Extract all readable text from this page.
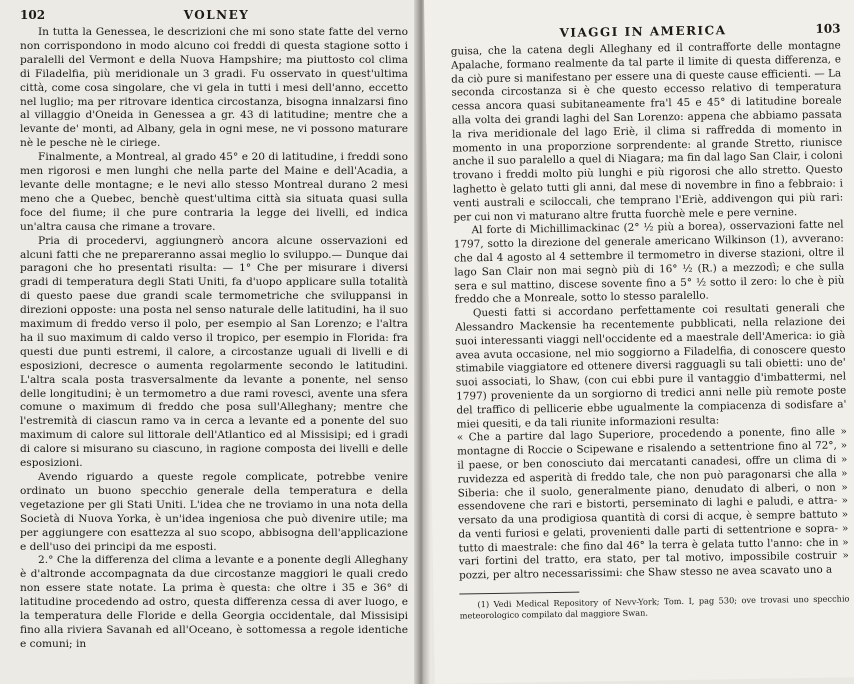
102	VOLNEY

In tutta la Genessea, le descrizioni che mi sono state fatte del verno non corrispondono in modo alcuno coi freddi di questa stagione sotto i paralelli del Vermont e della Nuova Hampshire; ma piuttosto col clima di Filadelfia, più meridionale un 3 gradi. Fu osservato in quest'ultima città, come cosa singolare, che vi gela in tutti i mesi dell'anno, eccetto nel luglio; ma per ritrovare identica circostanza, bisogna innalzarsi fino al villaggio d'Oneida in Genessea a gr. 43 di latitudine; mentre che a levante de' monti, ad Albany, gela in ogni mese, ne vi possono maturare nè le pesche nè le ciriege.

Finalmente, a Montreal, al grado 45° e 20 di latitudine, i freddi sono men rigorosi e men lunghi che nella parte del Maine e dell'Acadia, a levante delle montagne; e le nevi allo stesso Montreal durano 2 mesi meno che a Quebec, benchè quest'ultima città sia situata quasi sulla foce del fiume; il che pure contraria la legge dei livelli, ed indica un'altra causa che rimane a trovare.

Pria di procedervi, aggiungnerò ancora alcune osservazioni ed alcuni fatti che ne prepareranno assai meglio lo sviluppo.— Dunque dai paragoni che ho presentati risulta: — 1° Che per misurare i diversi gradi di temperatura degli Stati Uniti, fa d'uopo applicare sulla totalità di questo paese due grandi scale termometriche che sviluppansi in direzioni opposte: una posta nel senso naturale delle latitudini, ha il suo maximum di freddo verso il polo, per esempio al San Lorenzo; e l'altra ha il suo maximum di caldo verso il tropico, per esempio in Florida: fra questi due punti estremi, il calore, a circostanze uguali di livelli e di esposizioni, decresce o aumenta regolarmente secondo le latitudini. L'altra scala posta trasversalmente da levante a ponente, nel senso delle longitudini; è un termometro a due rami rovesci, avente una sfera comune o maximum di freddo che posa sull'Alleghany; mentre che l'estremità di ciascun ramo va in cerca a levante ed a ponente del suo maximum di calore sul littorale dell'Atlantico ed al Missisipi; ed i gradi di calore si misurano su ciascuno, in ragione composta dei livelli e delle esposizioni.

Avendo riguardo a queste regole complicate, potrebbe venire ordinato un buono specchio generale della temperatura e della vegetazione per gli Stati Uniti. L'idea che ne troviamo in una nota della Società di Nuova Yorka, è un'idea ingeniosa che può divenire utile; ma per aggiungere con esattezza al suo scopo, abbisogna dell'applicazione e dell'uso dei principi da me esposti.

2.° Che la differenza del clima a levante e a ponente degli Alleghany è d'altronde accompagnata da due circostanze maggiori le quali credo non essere state notate. La prima è questa: che oltre i 35 e 36° di latitudine procedendo ad ostro, questa differenza cessa di aver luogo, e la temperatura delle Floride e della Georgia occidentale, dal Missisipi fino alla riviera Savanah ed all'Oceano, è sottomessa a regole identiche e comuni; in

VIAGGI IN AMERICA	103

guisa, che la catena degli Alleghany ed il contrafforte delle montagne Apalache, formano realmente da tal parte il limite di questa differenza, e da ciò pure si manifestano per essere una di queste cause efficienti. — La seconda circostanza si è che questo eccesso relativo di temperatura cessa ancora quasi subitaneamente fra'l 45 e 45° di latitudine boreale alla volta dei grandi laghi del San Lorenzo: appena che abbiamo passata la riva meridionale del lago Eriè, il clima si raffredda di momento in momento in una proporzione sorprendente: al grande Stretto, riunisce anche il suo paralello a quel di Niagara; ma fin dal lago San Clair, i coloni trovano i freddi molto più lunghi e più rigorosi che allo stretto. Questo laghetto è gelato tutti gli anni, dal mese di novembre in fino a febbraio: i venti australi e sciloccali, che temprano l'Eriè, addivengon qui più rari: per cui non vi maturano altre frutta fuorchè mele e pere vernine.

Al forte di Michillimackinac (2° ½ più a borea), osservazioni fatte nel 1797, sotto la direzione del generale americano Wilkinson (1), avverano: che dal 4 agosto al 4 settembre il termometro in diverse stazioni, oltre il lago San Clair non mai segnò più di 16° ½ (R.) a mezzodì; e che sulla sera e sul mattino, discese sovente fino a 5° ½ sotto il zero: lo che è più freddo che a Monreale, sotto lo stesso paralello.

Questi fatti si accordano perfettamente coi resultati generali che Alessandro Mackensie ha recentemente pubblicati, nella relazione dei suoi interessanti viaggi nell'occidente ed a maestrale dell'America: io già avea avuta occasione, nel mio soggiorno a Filadelfia, di conoscere questo stimabile viaggiatore ed ottenere diversi ragguagli su tali obietti: uno de' suoi associati, lo Shaw, (con cui ebbi pure il vantaggio d'imbattermi, nel 1797) proveniente da un sorgiorno di tredici anni nelle più remote poste del traffico di pellicerie ebbe ugualmente la compiacenza di sodisfare a' miei quesiti, e da tali riunite informazioni resulta:

« Che a partire dal lago Superiore, procedendo a ponente, fino alle » montagne di Roccie o Scipewane e risalendo a settentrione fino al 72°, » il paese, or ben conosciuto dai mercatanti canadesi, offre un clima di » ruvidezza ed asperità di freddo tale, che non può paragonarsi che alla » Siberia: che il suolo, generalmente piano, denudato di alberi, o non » essendovene che rari e bistorti, perseminato di laghi e paludi, e attra- » versato da una prodigiosa quantità di corsi di acque, è sempre battuto » da venti furiosi e gelati, provenienti dalle parti di settentrione e sopra- » tutto di maestrale: che fino dal 46° la terra è gelata tutto l'anno: che in » vari fortini del tratto, era stato, per tal motivo, impossibile costruir » pozzi, per altro necessarissimi: che Shaw stesso ne avea scavato uno a

(1) Vedi Medical Repository of Nevv-York; Tom. I, pag 530; ove trovasi uno specchio meteorologico compilato dal maggiore Swan.
